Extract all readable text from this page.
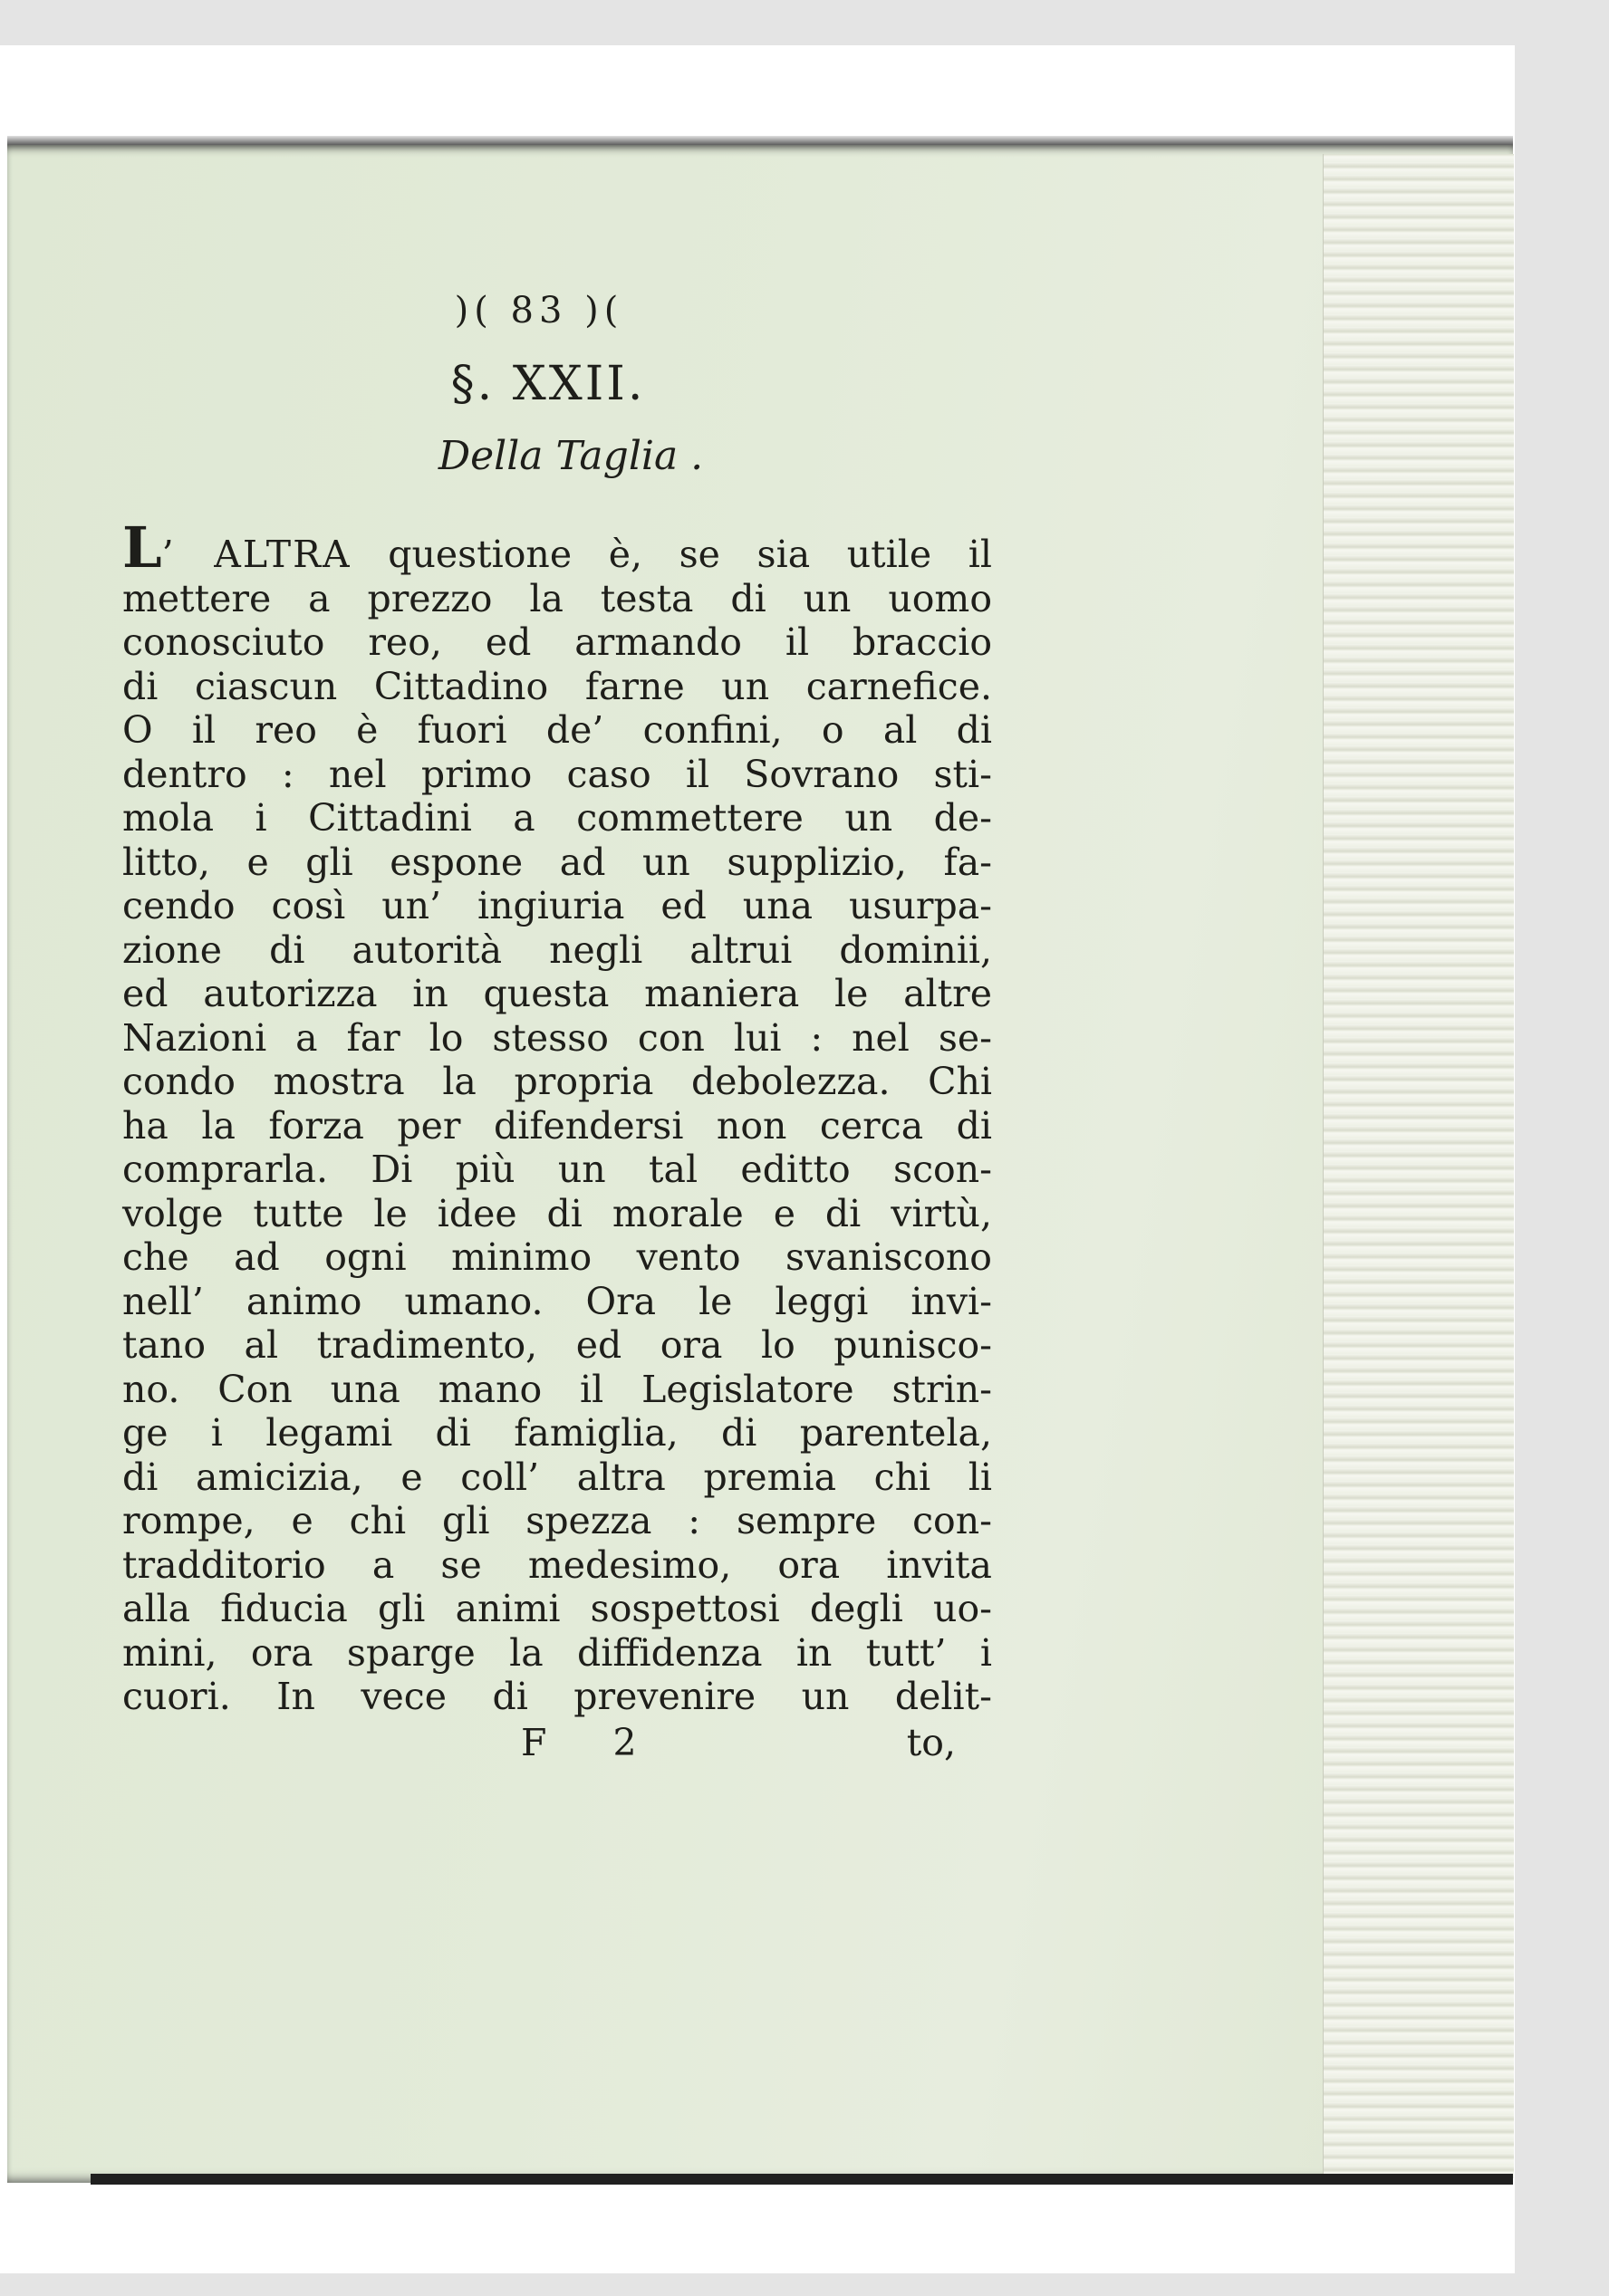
)( 83 )(
§. XXII.
Della Taglia .
L’ ALTRA questione è, se sia utile il
mettere a prezzo la testa di un uomo
conosciuto reo, ed armando il braccio
di ciascun Cittadino farne un carnefice.
O il reo è fuori de’ confini, o al di
dentro : nel primo caso il Sovrano sti-
mola i Cittadini a commettere un de-
litto, e gli espone ad un supplizio, fa-
cendo così un’ ingiuria ed una usurpa-
zione di autorità negli altrui dominii,
ed autorizza in questa maniera le altre
Nazioni a far lo stesso con lui : nel se-
condo mostra la propria debolezza. Chi
ha la forza per difendersi non cerca di
comprarla. Di più un tal editto scon-
volge tutte le idee di morale e di virtù,
che ad ogni minimo vento svaniscono
nell’ animo umano. Ora le leggi invi-
tano al tradimento, ed ora lo punisco-
no. Con una mano il Legislatore strin-
ge i legami di famiglia, di parentela,
di amicizia, e coll’ altra premia chi li
rompe, e chi gli spezza : sempre con-
tradditorio a se medesimo, ora invita
alla fiducia gli animi sospettosi degli uo-
mini, ora sparge la diffidenza in tutt’ i
cuori. In vece di prevenire un delit-
F 2	to,
